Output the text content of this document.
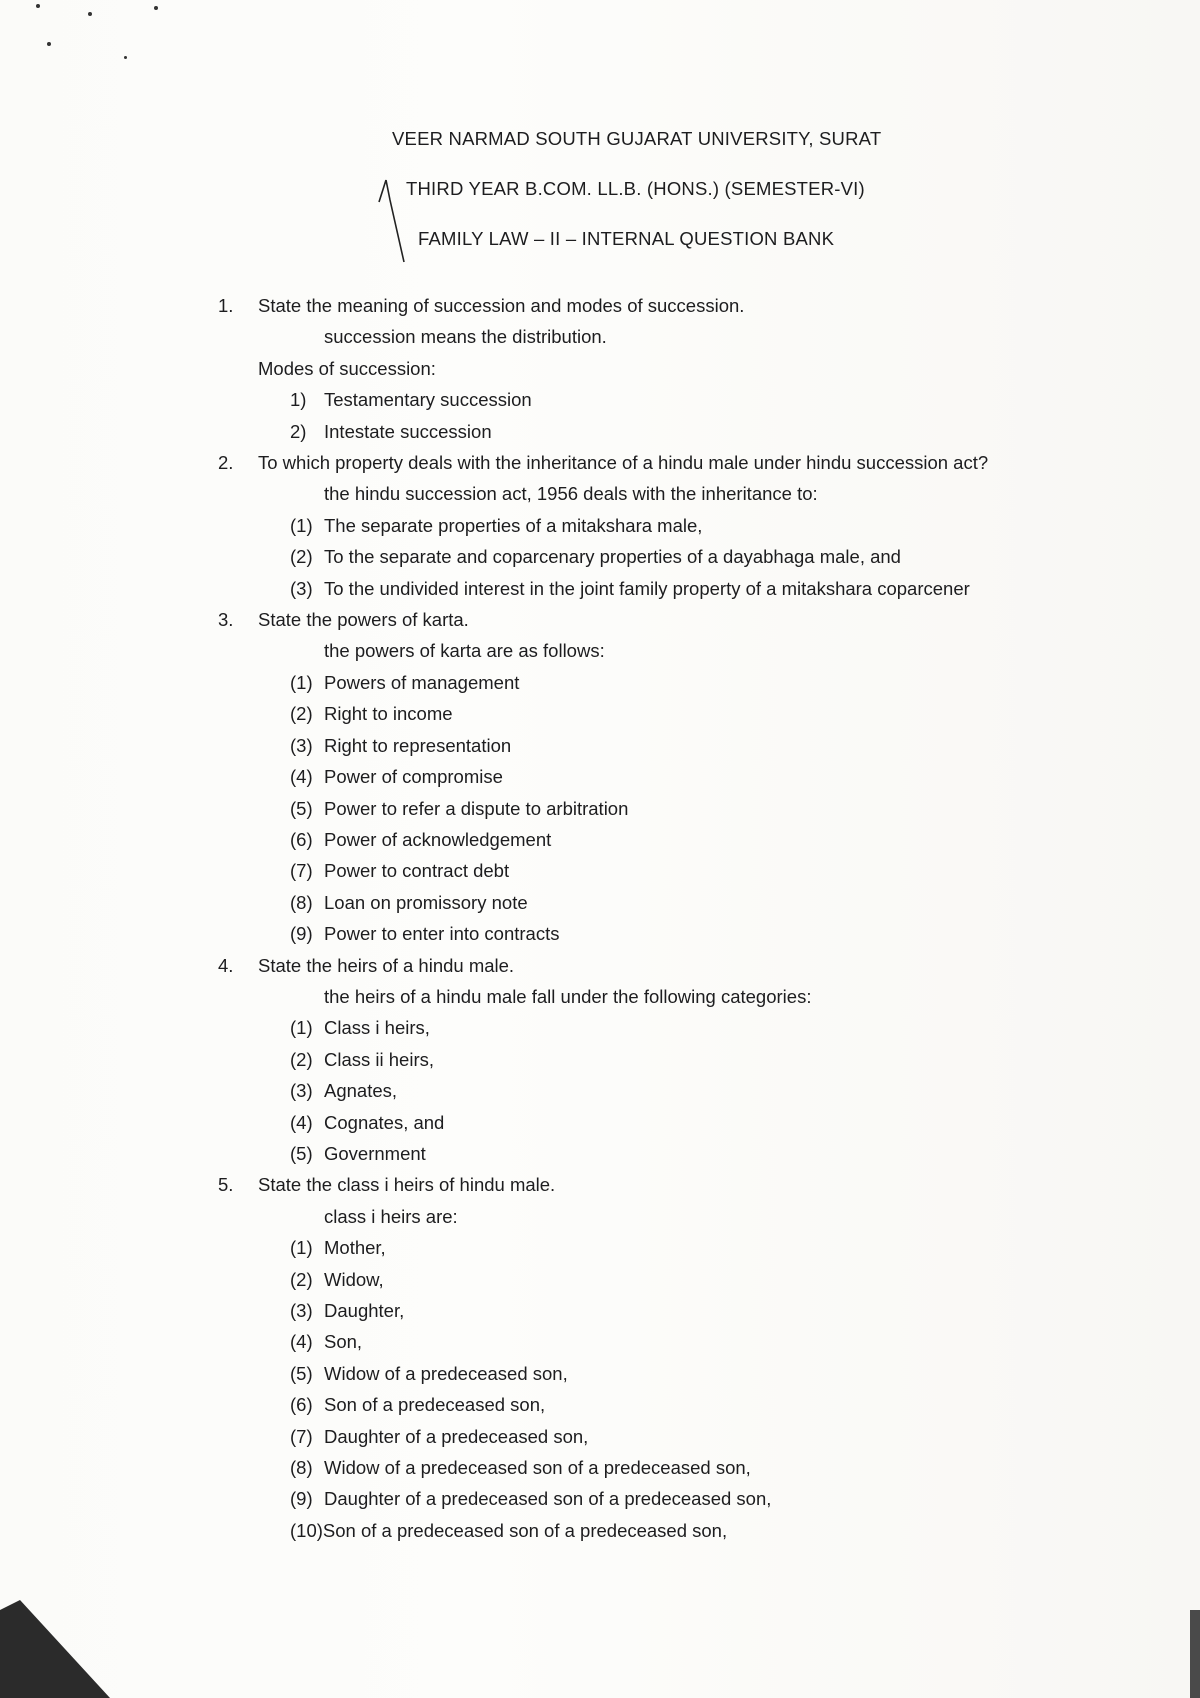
VEER NARMAD SOUTH GUJARAT UNIVERSITY, SURAT
THIRD YEAR B.COM. LL.B. (HONS.) (SEMESTER-VI)
FAMILY LAW – II – INTERNAL QUESTION BANK
1. State the meaning of succession and modes of succession.
succession means the distribution.
Modes of succession:
1) Testamentary succession
2) Intestate succession
2. To which property deals with the inheritance of a hindu male under hindu succession act?
the hindu succession act, 1956 deals with the inheritance to:
(1) The separate properties of a mitakshara male,
(2) To the separate and coparcenary properties of a dayabhaga male, and
(3) To the undivided interest in the joint family property of a mitakshara coparcener
3. State the powers of karta.
the powers of karta are as follows:
(1) Powers of management
(2) Right to income
(3) Right to representation
(4) Power of compromise
(5) Power to refer a dispute to arbitration
(6) Power of acknowledgement
(7) Power to contract debt
(8) Loan on promissory note
(9) Power to enter into contracts
4. State the heirs of a hindu male.
the heirs of a hindu male fall under the following categories:
(1) Class i heirs,
(2) Class ii heirs,
(3) Agnates,
(4) Cognates, and
(5) Government
5. State the class i heirs of hindu male.
class i heirs are:
(1) Mother,
(2) Widow,
(3) Daughter,
(4) Son,
(5) Widow of a predeceased son,
(6) Son of a predeceased son,
(7) Daughter of a predeceased son,
(8) Widow of a predeceased son of a predeceased son,
(9) Daughter of a predeceased son of a predeceased son,
(10)Son of a predeceased son of a predeceased son,
